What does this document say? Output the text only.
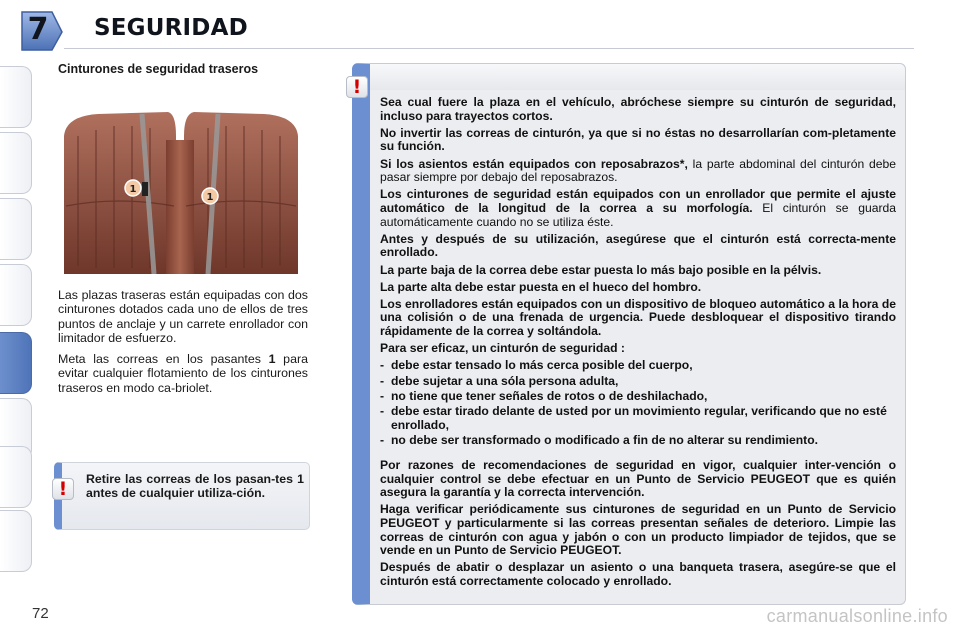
7	SEGURIDAD
Cinturones de seguridad traseros
1
1
Las plazas traseras están equipadas con dos cinturones dotados cada uno de ellos de tres puntos de anclaje y un carrete enrollador con limitador de esfuerzo.
Meta las correas en los pasantes 1 para evitar cualquier flotamiento de los cinturones traseros en modo ca-briolet.
!	Retire las correas de los pasan-tes 1 antes de cualquier utiliza-ción.
!

Sea cual fuere la plaza en el vehículo, abróchese siempre su cinturón de seguridad, incluso para trayectos cortos.

No invertir las correas de cinturón, ya que si no éstas no desarrollarían com-pletamente su función.

Si los asientos están equipados con reposabrazos*, la parte abdominal del cinturón debe pasar siempre por debajo del reposabrazos.

Los cinturones de seguridad están equipados con un enrollador que permite el ajuste automático de la longitud de la correa a su morfología. El cinturón se guarda automáticamente cuando no se utiliza éste.

Antes y después de su utilización, asegúrese que el cinturón está correcta-mente enrollado.

La parte baja de la correa debe estar puesta lo más bajo posible en la pélvis.

La parte alta debe estar puesta en el hueco del hombro.

Los enrolladores están equipados con un dispositivo de bloqueo automático a la hora de una colisión o de una frenada de urgencia. Puede desbloquear el dispositivo tirando rápidamente de la correa y soltándola.

Para ser eficaz, un cinturón de seguridad :

- debe estar tensado lo más cerca posible del cuerpo,
- debe sujetar a una sóla persona adulta,
- no tiene que tener señales de rotos o de deshilachado,
- debe estar tirado delante de usted por un movimiento regular, verificando que no esté enrollado,
- no debe ser transformado o modificado a fin de no alterar su rendimiento.

Por razones de recomendaciones de seguridad en vigor, cualquier inter-vención o cualquier control se debe efectuar en un Punto de Servicio PEUGEOT que es quién asegura la garantía y la correcta intervención.

Haga verificar periódicamente sus cinturones de seguridad en un Punto de Servicio PEUGEOT y particularmente si las correas presentan señales de deterioro. Limpie las correas de cinturón con agua y jabón o con un producto limpiador de tejidos, que se vende en un Punto de Servicio PEUGEOT.

Después de abatir o desplazar un asiento o una banqueta trasera, asegúre-se que el cinturón está correctamente colocado y enrollado.

72	carmanualsonline.info
